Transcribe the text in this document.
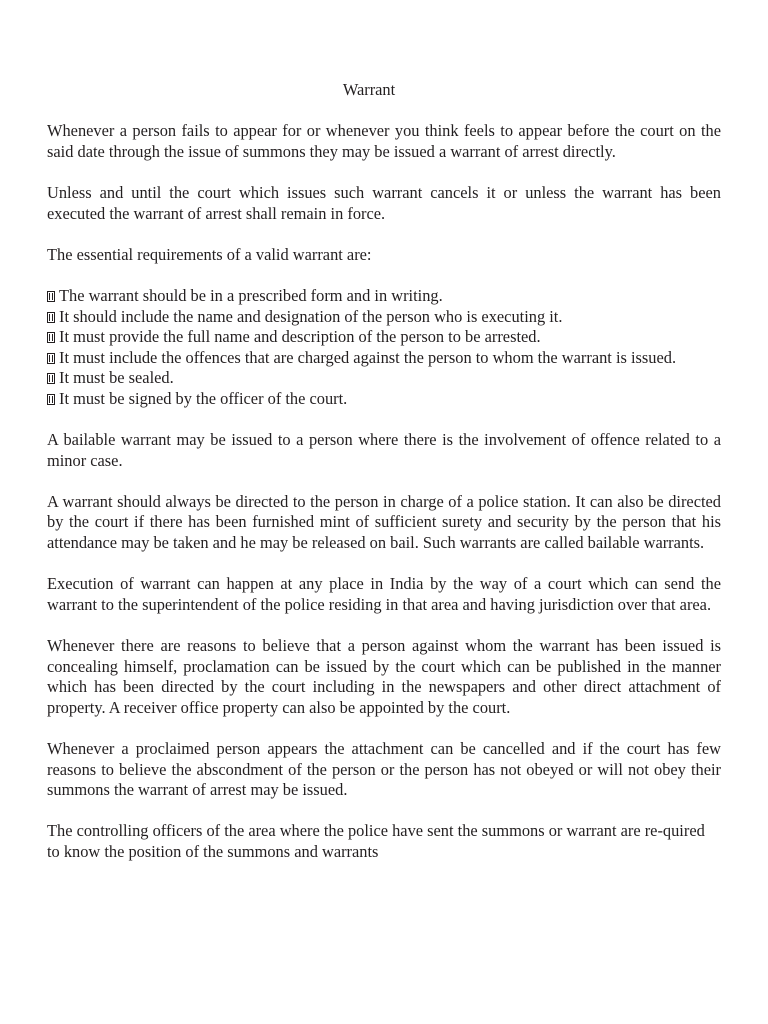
Warrant

Whenever a person fails to appear for or whenever you think feels to appear before the court on the said date through the issue of summons they may be issued a warrant of arrest directly.

Unless and until the court which issues such warrant cancels it or unless the warrant has been executed the warrant of arrest shall remain in force.

The essential requirements of a valid warrant are:

The warrant should be in a prescribed form and in writing.
It should include the name and designation of the person who is executing it.
It must provide the full name and description of the person to be arrested.
It must include the offences that are charged against the person to whom the warrant is issued.
It must be sealed.
It must be signed by the officer of the court.

A bailable warrant may be issued to a person where there is the involvement of offence related to a minor case.

A warrant should always be directed to the person in charge of a police station. It can also be directed by the court if there has been furnished mint of sufficient surety and security by the person that his attendance may be taken and he may be released on bail. Such warrants are called bailable warrants.

Execution of warrant can happen at any place in India by the way of a court which can send the warrant to the superintendent of the police residing in that area and having jurisdiction over that area.

Whenever there are reasons to believe that a person against whom the warrant has been issued is concealing himself, proclamation can be issued by the court which can be published in the manner which has been directed by the court including in the newspapers and other direct attachment of property. A receiver office property can also be appointed by the court.

Whenever a proclaimed person appears the attachment can be cancelled and if the court has few reasons to believe the abscondment of the person or the person has not obeyed or will not obey their summons the warrant of arrest may be issued.

The controlling officers of the area where the police have sent the summons or warrant are re-quired to know the position of the summons and warrants
